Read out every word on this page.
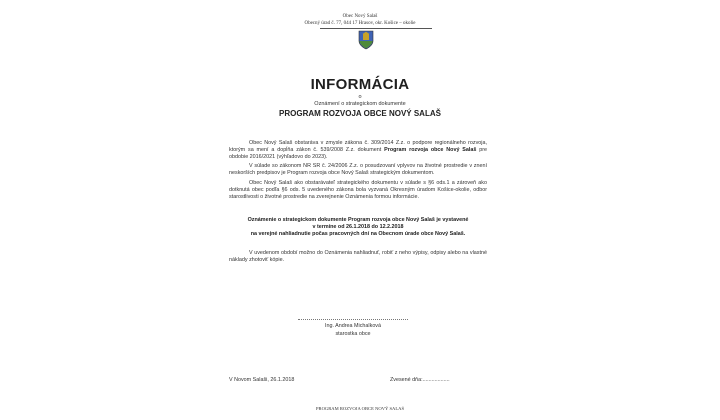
Obec Nový Salaš
Obecný úrad č. 77, 044 17 Hrasov, okr. Košice – okolie
INFORMÁCIA
o
Oznámení o strategickom dokumente
PROGRAM ROZVOJA OBCE NOVÝ SALAŠ
Obec Nový Salaš obstaráva v zmysle zákona č. 309/2014 Z.z. o podpore regionálneho rozvoja, ktorým sa mení a dopĺňa zákon č. 539/2008 Z.z. dokument Program rozvoja obce Nový Salaš pre obdobie 2016/2021 (výhľadovo do 2023).
V súlade so zákonom NR SR č. 24/2006 Z.z. o posudzovaní vplyvov na životné prostredie v znení neskorších predpisov je Program rozvoja obce Nový Salaš strategickým dokumentom.
Obec Nový Salaš ako obstarávateľ strategického dokumentu v súlade s §6 ods.1 a zároveň ako dotknutá obec podľa §6 ods. 5 uvedeného zákona bola vyzvaná Okresným úradom Košice-okolie, odbor starostlivosti o životné prostredie na zverejnenie Oznámenia formou informácie.
Oznámenie o strategickom dokumente Program rozvoja obce Nový Salaš je vystavené
v termíne od 26.1.2018 do 12.2.2018
na verejné nahliadnutie počas pracovných dní na Obecnom úrade obce Nový Salaš.
V uvedenom období možno do Oznámenia nahliadnuť, robiť z neho výpisy, odpisy alebo na vlastné náklady zhotoviť kópie.
Ing. Andrea Michalková
starostka obce
V Novom Salaši, 26.1.2018	Zvesené dňa:..................
PROGRAM ROZVOJA OBCE NOVÝ SALAŠ
